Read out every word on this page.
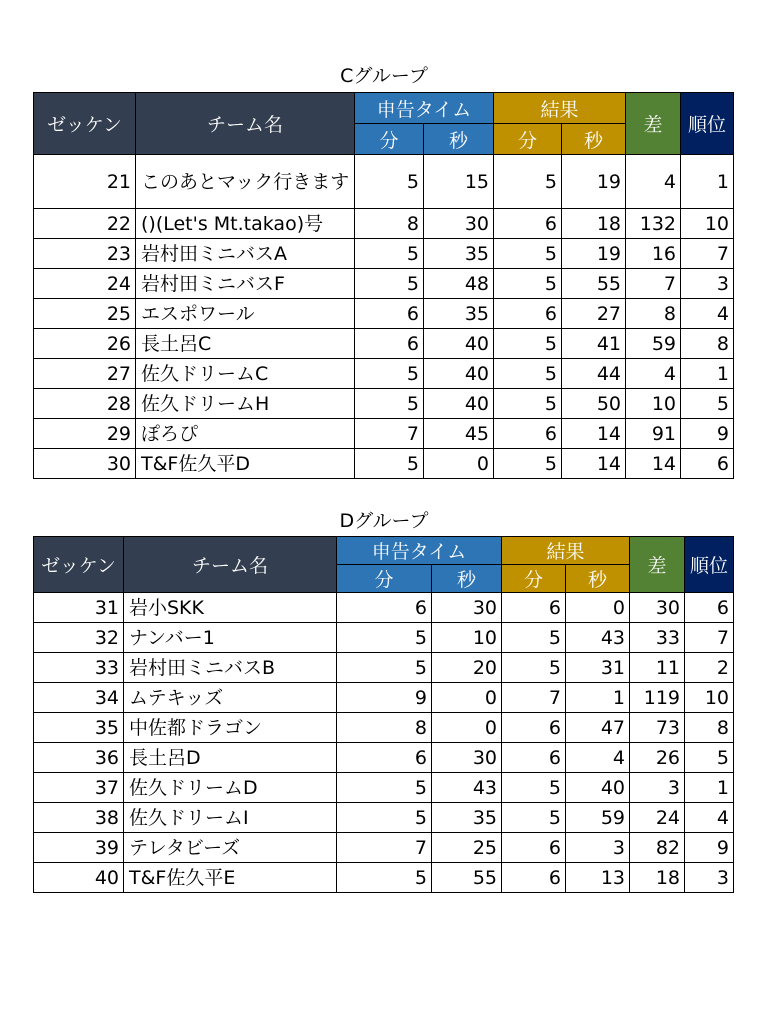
Cグループ
ゼッケン	チーム名	申告タイム		結果		差	順位
		分	秒	分	秒		
21	このあとマック行きます	5	15	5	19	4	1
22	()(Let's Mt.takao)号	8	30	6	18	132	10
23	岩村田ミニバスA	5	35	5	19	16	7
24	岩村田ミニバスF	5	48	5	55	7	3
25	エスポワール	6	35	6	27	8	4
26	長土呂C	6	40	5	41	59	8
27	佐久ドリームC	5	40	5	44	4	1
28	佐久ドリームH	5	40	5	50	10	5
29	ぽろぴ	7	45	6	14	91	9
30	T&F佐久平D	5	0	5	14	14	6
Dグループ
ゼッケン	チーム名	申告タイム		結果		差	順位
		分	秒	分	秒		
31	岩小SKK	6	30	6	0	30	6
32	ナンバー1	5	10	5	43	33	7
33	岩村田ミニバスB	5	20	5	31	11	2
34	ムテキッズ	9	0	7	1	119	10
35	中佐都ドラゴン	8	0	6	47	73	8
36	長土呂D	6	30	6	4	26	5
37	佐久ドリームD	5	43	5	40	3	1
38	佐久ドリームI	5	35	5	59	24	4
39	テレタビーズ	7	25	6	3	82	9
40	T&F佐久平E	5	55	6	13	18	3
